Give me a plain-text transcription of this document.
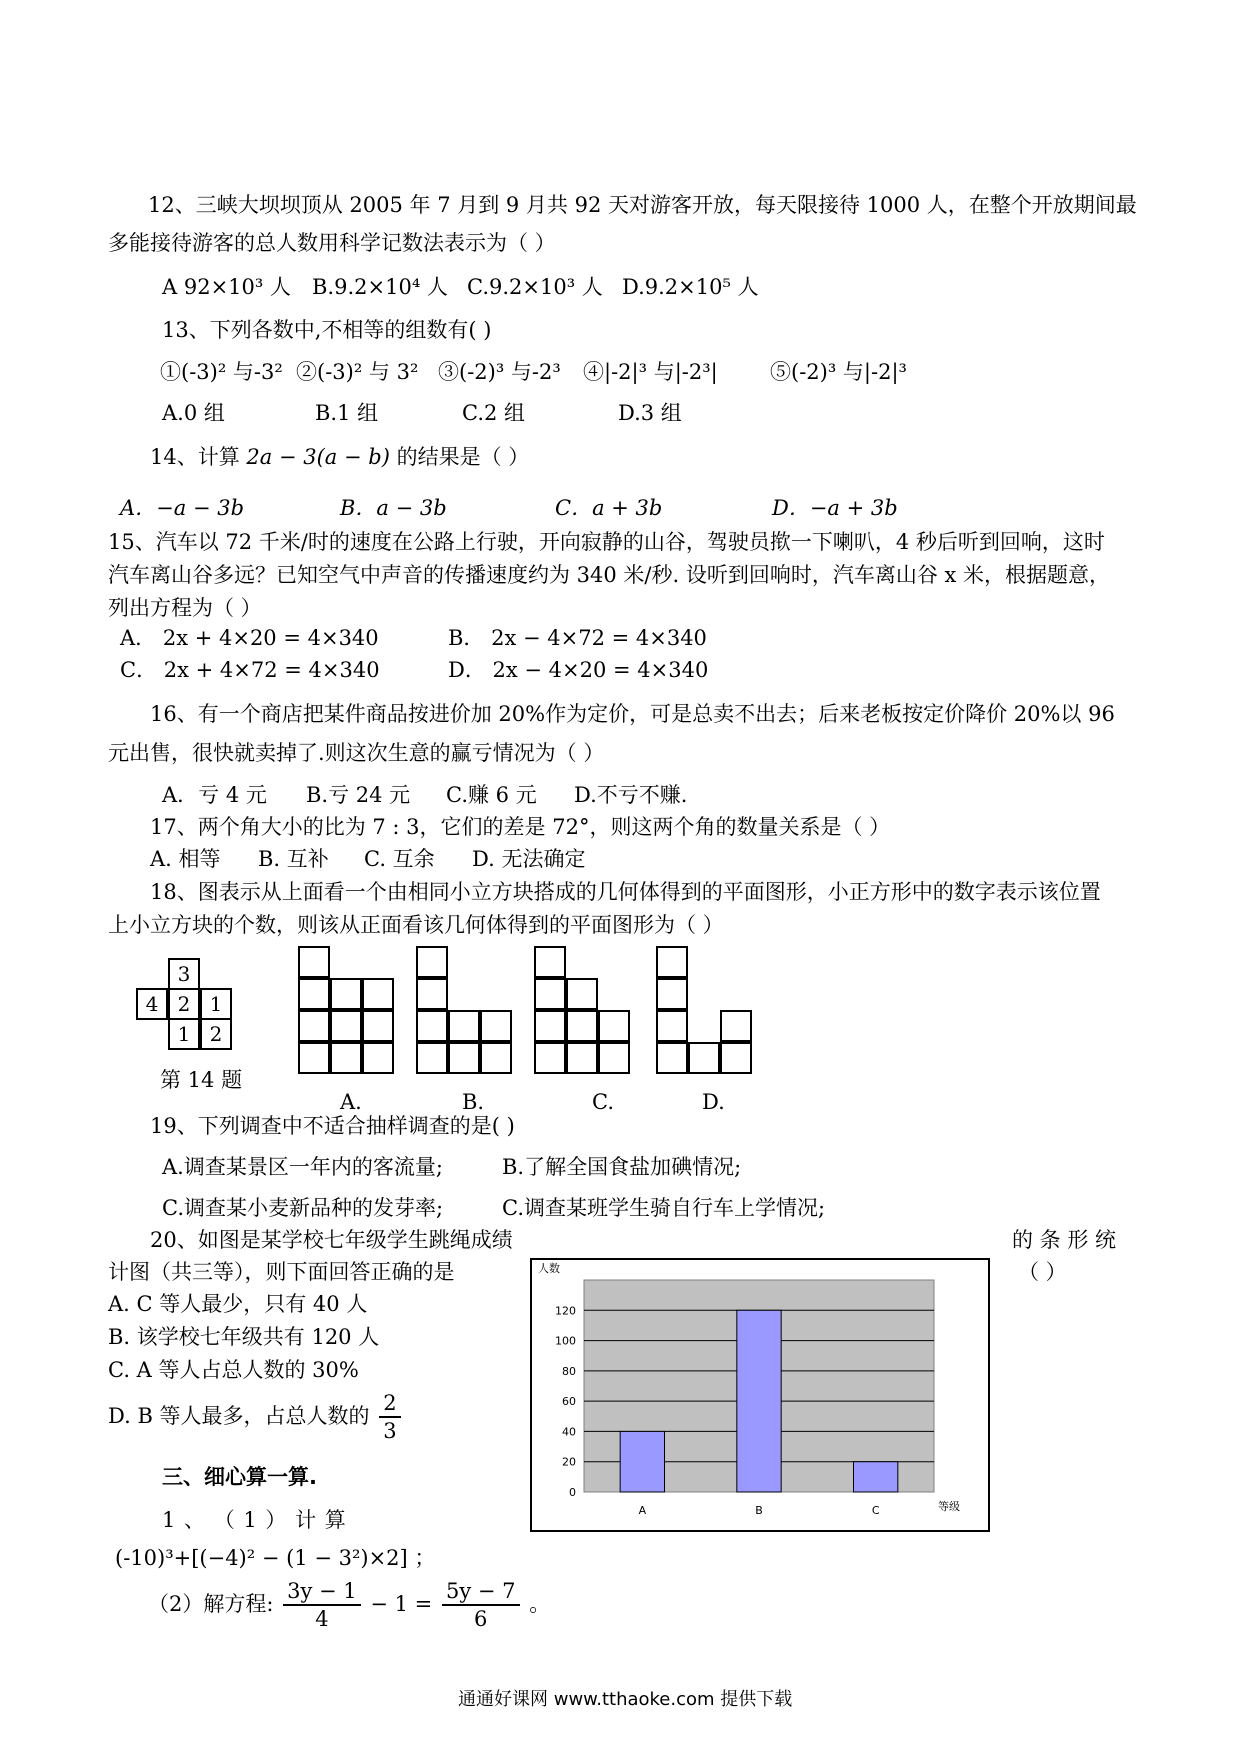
12、三峡大坝坝顶从 2005 年 7 月到 9 月共 92 天对游客开放，每天限接待 1000 人，在整个开放期间最
多能接待游客的总人数用科学记数法表示为（ ）
A 92×10³ 人 B.9.2×10⁴ 人 C.9.2×10³ 人 D.9.2×10⁵ 人
13、下列各数中,不相等的组数有( )
①(-3)² 与-3² ②(-3)² 与 3² ③(-2)³ 与-2³ ④|-2|³ 与|-2³| ⑤(-2)³ 与|-2|³
A.0 组	B.1 组	C.2 组	D.3 组
14、计算 2a − 3(a − b) 的结果是（ ）
A．−a − 3b	B．a − 3b	C．a + 3b	D．−a + 3b
15、汽车以 72 千米/时的速度在公路上行驶，开向寂静的山谷，驾驶员揿一下喇叭，4 秒后听到回响，这时
汽车离山谷多远？已知空气中声音的传播速度约为 340 米/秒. 设听到回响时，汽车离山谷 x 米，根据题意，
列出方程为（ ）
A． 2x + 4×20 = 4×340	B． 2x − 4×72 = 4×340
C． 2x + 4×72 = 4×340	D． 2x − 4×20 = 4×340
16、有一个商店把某件商品按进价加 20%作为定价，可是总卖不出去；后来老板按定价降价 20%以 96
元出售，很快就卖掉了.则这次生意的赢亏情况为（ ）
A．亏 4 元 B.亏 24 元 C.赚 6 元 D.不亏不赚.
17、两个角大小的比为 7 : 3，它们的差是 72°，则这两个角的数量关系是（ ）
A. 相等 B. 互补 C. 互余 D. 无法确定
18、图表示从上面看一个由相同小立方块搭成的几何体得到的平面图形，小正方形中的数字表示该位置
上小立方块的个数，则该从正面看该几何体得到的平面图形为（ ）
3
4 2 1
1 2
第 14 题
A.	B.	C.	D.
19、下列调查中不适合抽样调查的是( )
A.调查某景区一年内的客流量;	B.了解全国食盐加碘情况;
C.调查某小麦新品种的发芽率;	C.调查某班学生骑自行车上学情况;
20、如图是某学校七年级学生跳绳成绩	的 条 形 统
计图（共三等），则下面回答正确的是	（ ）
A. C 等人最少，只有 40 人
B. 该学校七年级共有 120 人
C. A 等人占总人数的 30%
D. B 等人最多，占总人数的 $\frac{2}{3}$
0
20
40
60
80
100
120
人数
A	B	C	等级
三、细心算一算.
1 、 （ 1 ） 计 算
(-10)³+[(−4)² − (1 − 3²)×2] ；
（2）解方程: $\frac{3y - 1}{4} - 1 = \frac{5y - 7}{6}$ 。
通通好课网 www.tthaoke.com 提供下载
